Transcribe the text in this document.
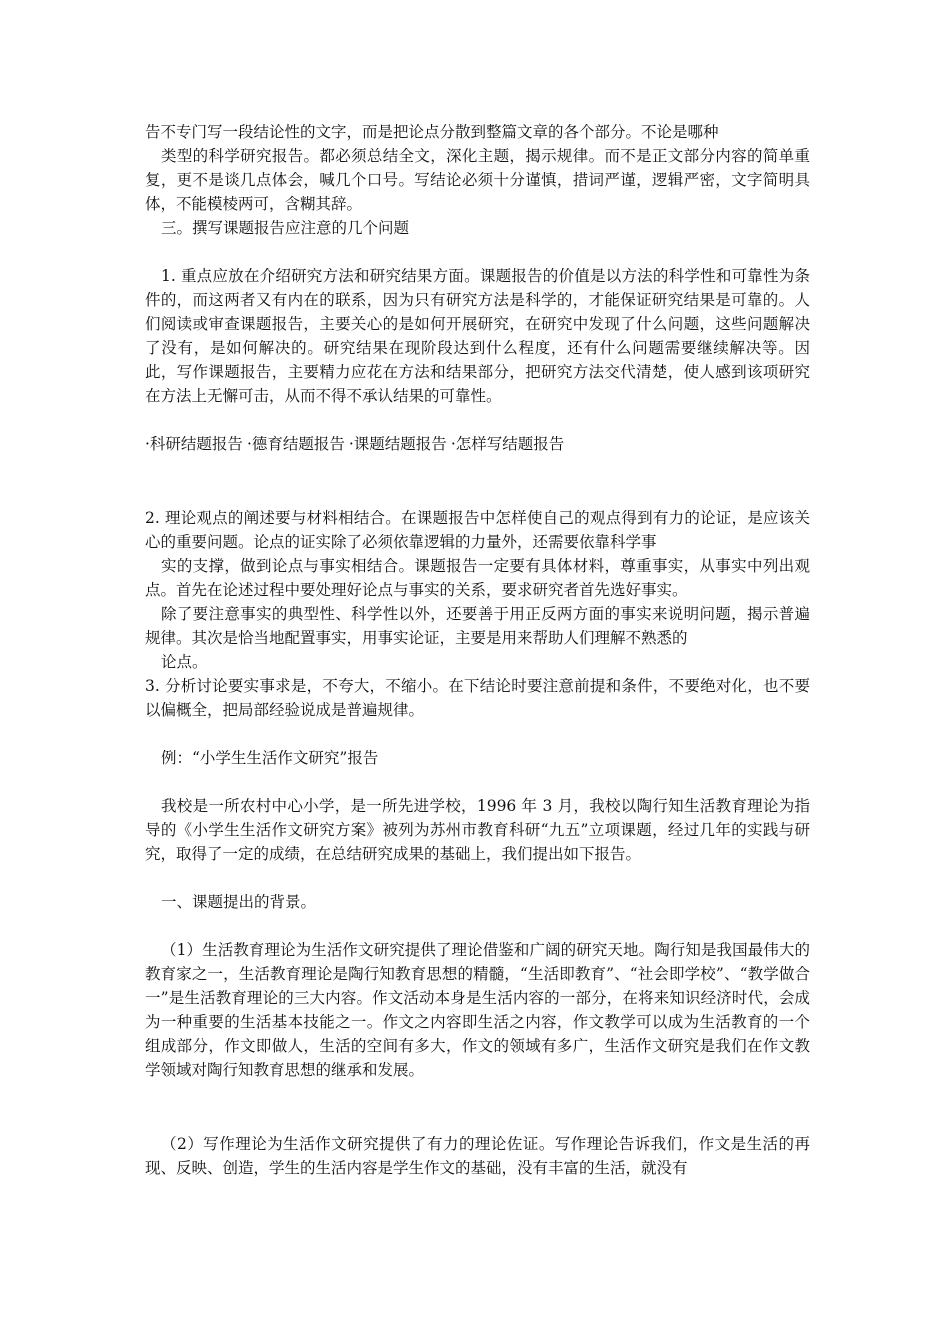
告不专门写一段结论性的文字，而是把论点分散到整篇文章的各个部分。不论是哪种

类型的科学研究报告。都必须总结全文，深化主题，揭示规律。而不是正文部分内容的简单重复，更不是谈几点体会，喊几个口号。写结论必须十分谨慎，措词严谨，逻辑严密，文字简明具体，不能模棱两可，含糊其辞。

三。撰写课题报告应注意的几个问题

1. 重点应放在介绍研究方法和研究结果方面。课题报告的价值是以方法的科学性和可靠性为条件的，而这两者又有内在的联系，因为只有研究方法是科学的，才能保证研究结果是可靠的。人们阅读或审查课题报告，主要关心的是如何开展研究，在研究中发现了什么问题，这些问题解决了没有，是如何解决的。研究结果在现阶段达到什么程度，还有什么问题需要继续解决等。因此，写作课题报告，主要精力应花在方法和结果部分，把研究方法交代清楚，使人感到该项研究在方法上无懈可击，从而不得不承认结果的可靠性。

·科研结题报告 ·德育结题报告 ·课题结题报告 ·怎样写结题报告

2. 理论观点的阐述要与材料相结合。在课题报告中怎样使自己的观点得到有力的论证，是应该关心的重要问题。论点的证实除了必须依靠逻辑的力量外，还需要依靠科学事

实的支撑，做到论点与事实相结合。课题报告一定要有具体材料，尊重事实，从事实中列出观点。首先在论述过程中要处理好论点与事实的关系，要求研究者首先选好事实。

除了要注意事实的典型性、科学性以外，还要善于用正反两方面的事实来说明问题，揭示普遍规律。其次是恰当地配置事实，用事实论证，主要是用来帮助人们理解不熟悉的

论点。

3. 分析讨论要实事求是，不夸大，不缩小。在下结论时要注意前提和条件，不要绝对化，也不要以偏概全，把局部经验说成是普遍规律。

例：“小学生生活作文研究”报告

我校是一所农村中心小学，是一所先进学校，1996 年 3 月，我校以陶行知生活教育理论为指导的《小学生生活作文研究方案》被列为苏州市教育科研“九五”立项课题，经过几年的实践与研究，取得了一定的成绩，在总结研究成果的基础上，我们提出如下报告。

一、课题提出的背景。

（1）生活教育理论为生活作文研究提供了理论借鉴和广阔的研究天地。陶行知是我国最伟大的教育家之一，生活教育理论是陶行知教育思想的精髓，“生活即教育”、“社会即学校”、“教学做合一”是生活教育理论的三大内容。作文活动本身是生活内容的一部分，在将来知识经济时代，会成为一种重要的生活基本技能之一。作文之内容即生活之内容，作文教学可以成为生活教育的一个组成部分，作文即做人，生活的空间有多大，作文的领域有多广，生活作文研究是我们在作文教学领域对陶行知教育思想的继承和发展。

（2）写作理论为生活作文研究提供了有力的理论佐证。写作理论告诉我们，作文是生活的再现、反映、创造，学生的生活内容是学生作文的基础，没有丰富的生活，就没有
